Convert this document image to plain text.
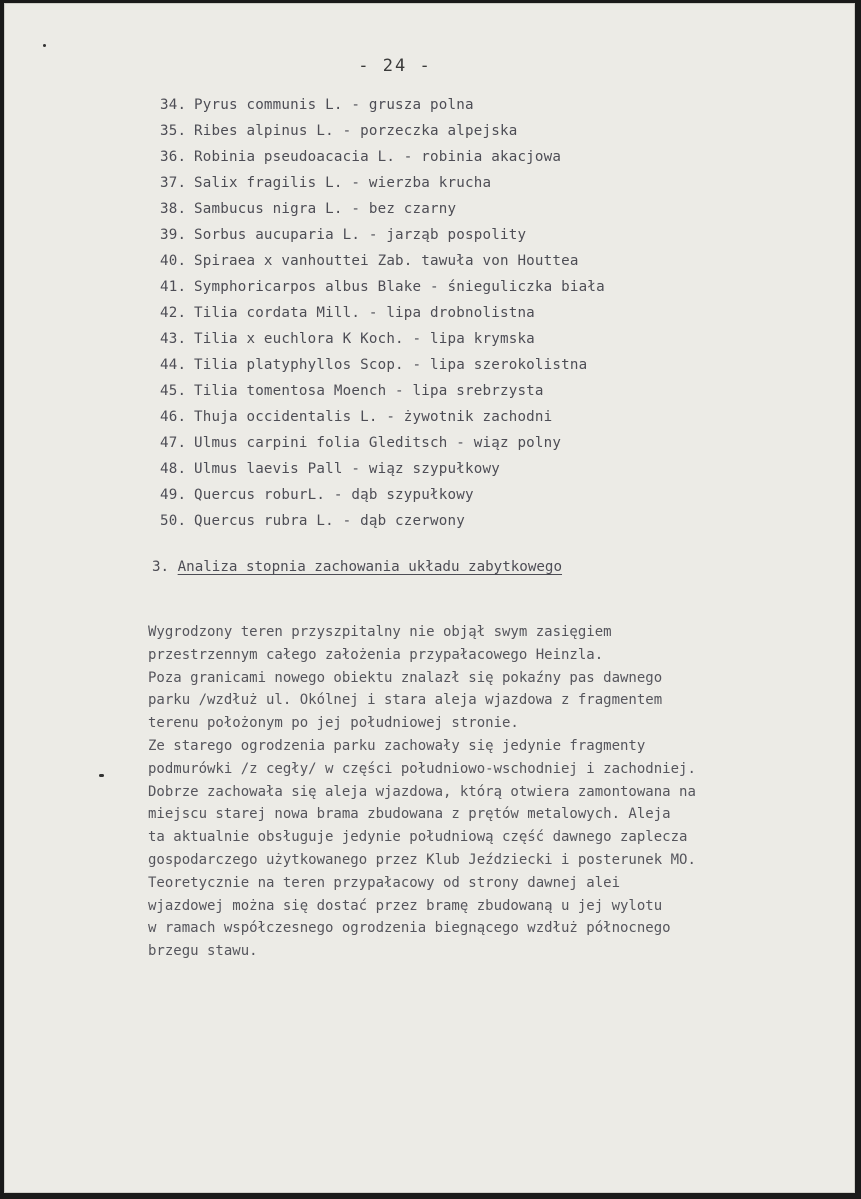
- 24 -
34. Pyrus communis L. - grusza polna
35. Ribes alpinus L. - porzeczka alpejska
36. Robinia pseudoacacia L. - robinia akacjowa
37. Salix fragilis L. - wierzba krucha
38. Sambucus nigra L. - bez czarny
39. Sorbus aucuparia L. - jarząb pospolity
40. Spiraea x vanhouttei Zab. tawuła von Houttea
41. Symphoricarpos albus Blake - śnieguliczka biała
42. Tilia cordata Mill. - lipa drobnolistna
43. Tilia x euchlora K Koch. - lipa krymska
44. Tilia platyphyllos Scop. - lipa szerokolistna
45. Tilia tomentosa Moench - lipa srebrzysta
46. Thuja occidentalis L. - żywotnik zachodni
47. Ulmus carpini folia Gleditsch - wiąz polny
48. Ulmus laevis Pall - wiąz szypułkowy
49. Quercus roburL. - dąb szypułkowy
50. Quercus rubra L. - dąb czerwony
3. Analiza stopnia zachowania układu zabytkowego
Wygrodzony teren przyszpitalny nie objął swym zasięgiem
przestrzennym całego założenia przypałacowego Heinzla.
Poza granicami nowego obiektu znalazł się pokaźny pas dawnego
parku /wzdłuż ul. Okólnej i stara aleja wjazdowa z fragmentem
terenu położonym po jej południowej stronie.
Ze starego ogrodzenia parku zachowały się jedynie fragmenty
podmurówki /z cegły/ w części południowo-wschodniej i zachodniej.
Dobrze zachowała się aleja wjazdowa, którą otwiera zamontowana na
miejscu starej nowa brama zbudowana z prętów metalowych. Aleja
ta aktualnie obsługuje jedynie południową część dawnego zaplecza
gospodarczego użytkowanego przez Klub Jeździecki i posterunek MO.
Teoretycznie na teren przypałacowy od strony dawnej alei
wjazdowej można się dostać przez bramę zbudowaną u jej wylotu
w ramach współczesnego ogrodzenia biegnącego wzdłuż północnego
brzegu stawu.
